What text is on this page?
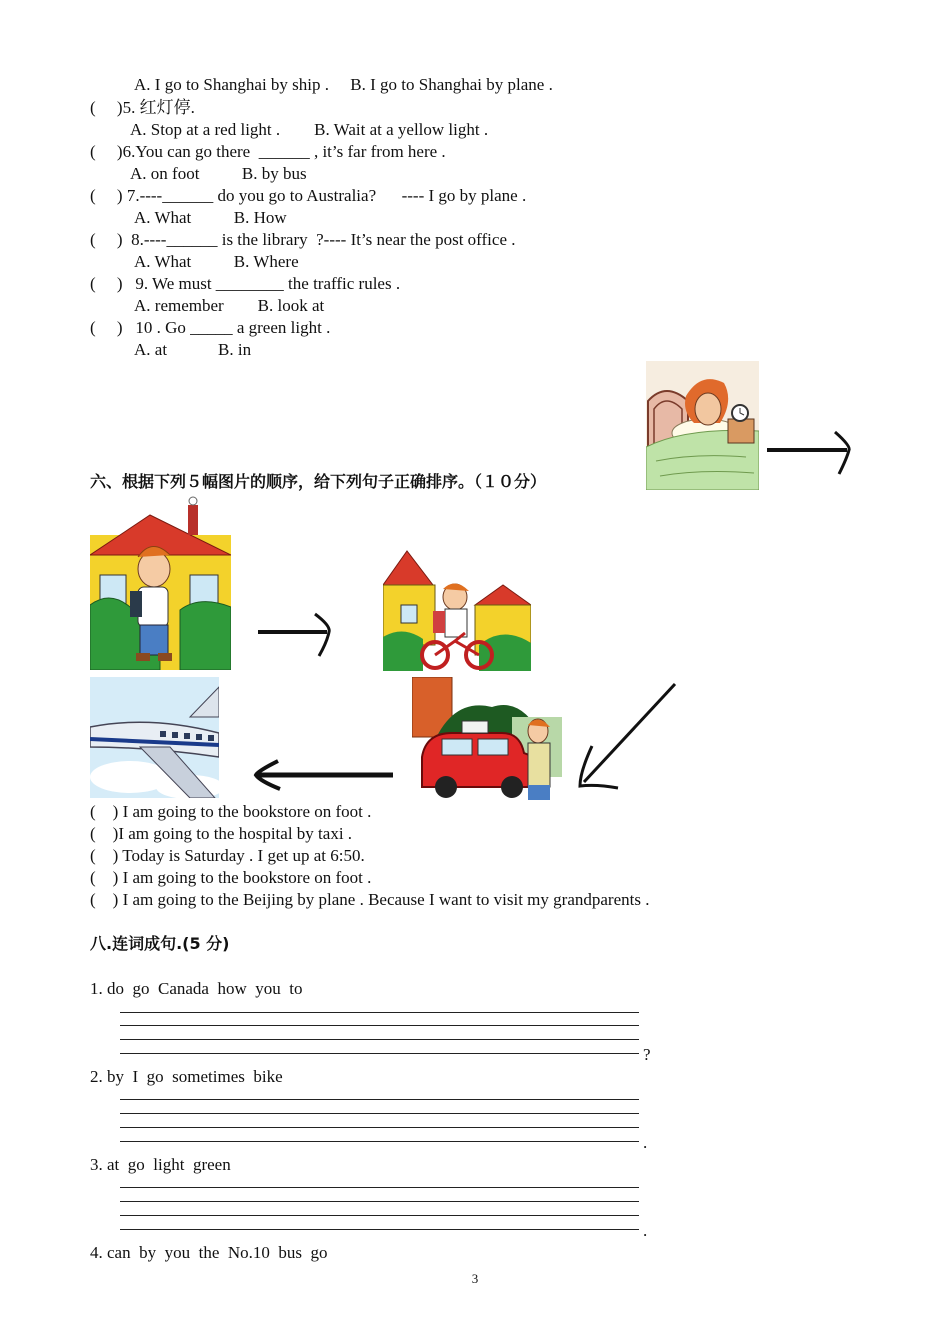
A. I go to Shanghai by ship .     B. I go to Shanghai by plane .
(     )5. 红灯停.
A. Stop at a red light .        B. Wait at a yellow light .
(     )6.You can go there  ______ , it’s far from here .
A. on foot          B. by bus
(     ) 7.----______ do you go to Australia?      ---- I go by plane .
A. What          B. How
(     )  8.----______ is the library  ?---- It’s near the post office .
A. What          B. Where
(     )   9. We must ________ the traffic rules .
A. remember        B. look at
(     )   10 . Go _____ a green light .
A. at            B. in
六、根据下列５幅图片的顺序，给下列句子正确排序。（１０分）
(    ) I am going to the bookstore on foot .
(    )I am going to the hospital by taxi .
(    ) Today is Saturday . I get up at 6:50.
(    ) I am going to the bookstore on foot .
(    ) I am going to the Beijing by plane . Because I want to visit my grandparents .
八.连词成句.(5 分)
1. do  go  Canada  how  you  to
?
2. by  I  go  sometimes  bike
.
3. at  go  light  green
.
4. can  by  you  the  No.10  bus  go
3
